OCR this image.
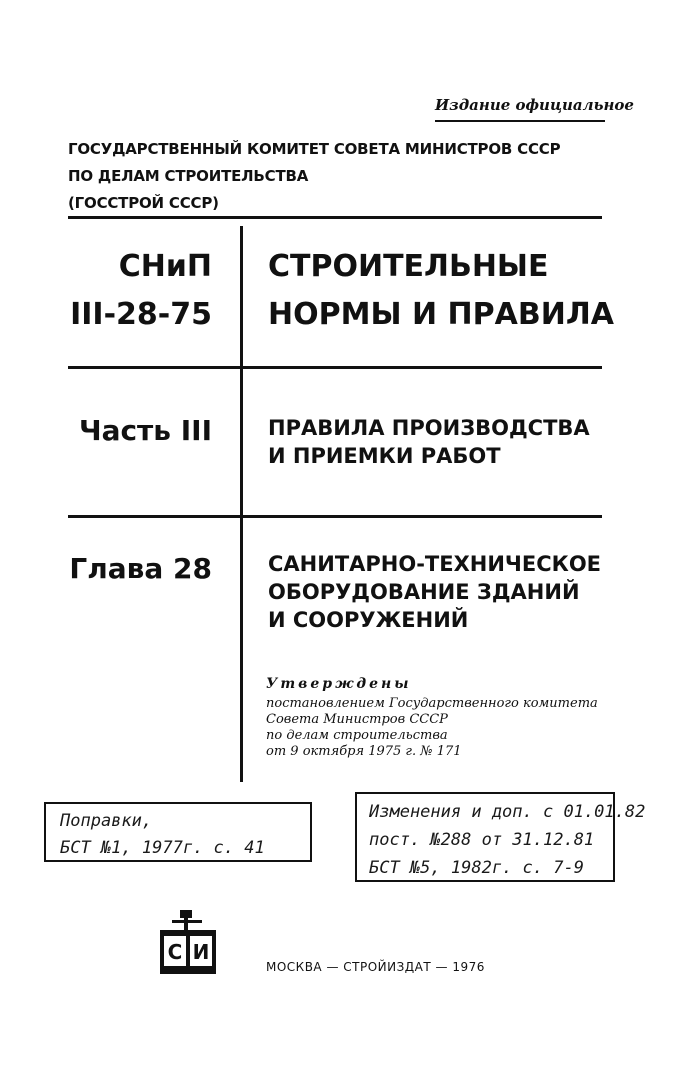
Издание официальное
ГОСУДАРСТВЕННЫЙ КОМИТЕТ СОВЕТА МИНИСТРОВ СССР
ПО ДЕЛАМ СТРОИТЕЛЬСТВА
(ГОССТРОЙ СССР)
СНиП
III-28-75
СТРОИТЕЛЬНЫЕ
НОРМЫ И ПРАВИЛА
Часть III	ПРАВИЛА ПРОИЗВОДСТВА
И ПРИЕМКИ РАБОТ
Глава 28	САНИТАРНО-ТЕХНИЧЕСКОЕ
ОБОРУДОВАНИЕ ЗДАНИЙ
И СООРУЖЕНИЙ
Утверждены
постановлением Государственного комитета
Совета Министров СССР
по делам строительства
от 9 октября 1975 г. № 171
Поправки,
БСТ №1, 1977г. с. 41
Изменения и доп. с 01.01.82
пост. №288 от 31.12.81
БСТ №5, 1982г. с. 7-9
С И
МОСКВА — СТРОЙИЗДАТ — 1976
